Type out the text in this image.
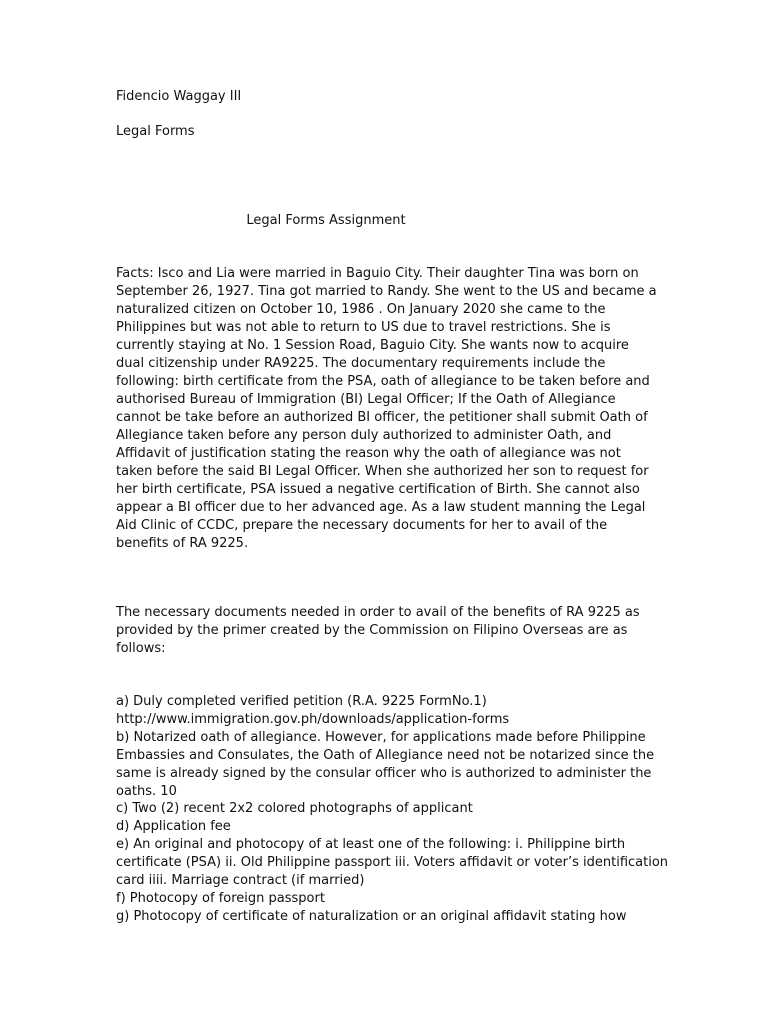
Fidencio Waggay III
Legal Forms
Legal Forms Assignment
Facts: Isco and Lia were married in Baguio City. Their daughter Tina was born on
September 26, 1927. Tina got married to Randy. She went to the US and became a
naturalized citizen on October 10, 1986 . On January 2020 she came to the
Philippines but was not able to return to US due to travel restrictions. She is
currently staying at No. 1 Session Road, Baguio City. She wants now to acquire
dual citizenship under RA9225. The documentary requirements include the
following: birth certificate from the PSA, oath of allegiance to be taken before and
authorised Bureau of Immigration (BI) Legal Officer; If the Oath of Allegiance
cannot be take before an authorized BI officer, the petitioner shall submit Oath of
Allegiance taken before any person duly authorized to administer Oath, and
Affidavit of justification stating the reason why the oath of allegiance was not
taken before the said BI Legal Officer. When she authorized her son to request for
her birth certificate, PSA issued a negative certification of Birth. She cannot also
appear a BI officer due to her advanced age. As a law student manning the Legal
Aid Clinic of CCDC, prepare the necessary documents for her to avail of the
benefits of RA 9225.
The necessary documents needed in order to avail of the benefits of RA 9225 as
provided by the primer created by the Commission on Filipino Overseas are as
follows:
a) Duly completed verified petition (R.A. 9225 FormNo.1)
http://www.immigration.gov.ph/downloads/application-forms
b) Notarized oath of allegiance. However, for applications made before Philippine
Embassies and Consulates, the Oath of Allegiance need not be notarized since the
same is already signed by the consular officer who is authorized to administer the
oaths. 10
c) Two (2) recent 2x2 colored photographs of applicant
d) Application fee
e) An original and photocopy of at least one of the following: i. Philippine birth
certificate (PSA) ii. Old Philippine passport iii. Voters affidavit or voter’s identification
card iiii. Marriage contract (if married)
f) Photocopy of foreign passport
g) Photocopy of certificate of naturalization or an original affidavit stating how
